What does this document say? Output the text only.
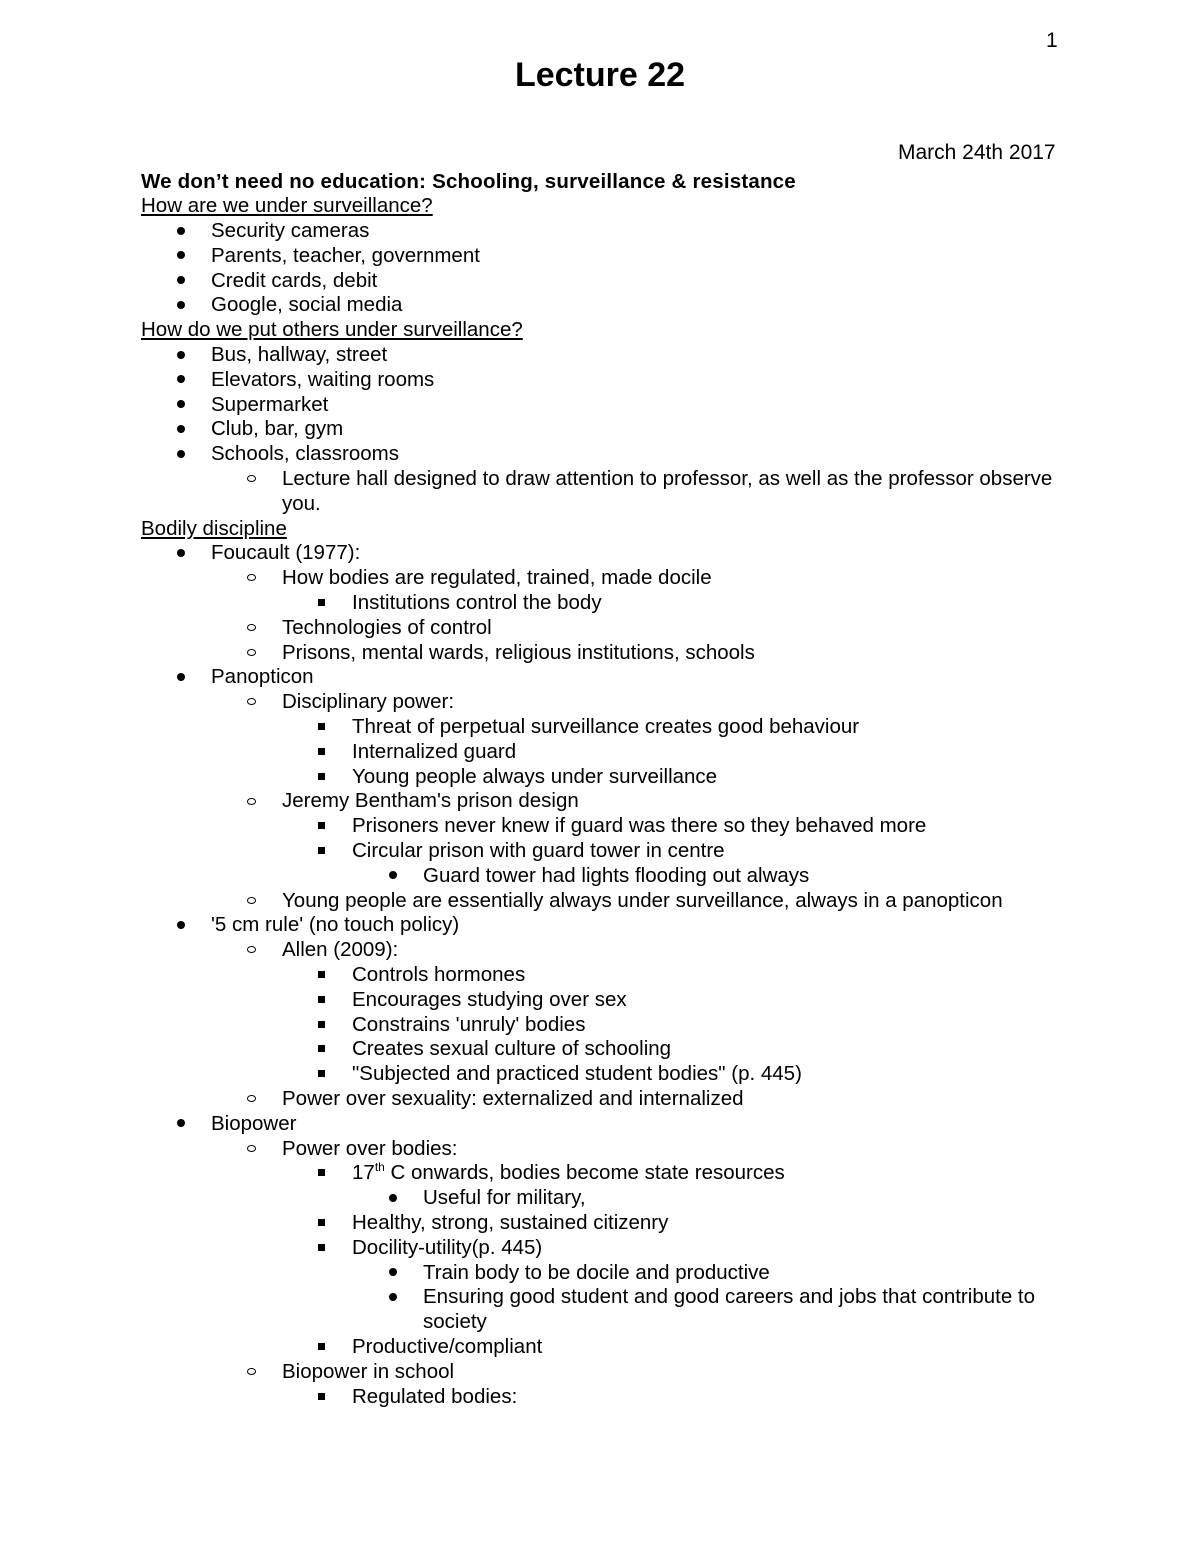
1
Lecture 22
March 24th 2017
We don’t need no education: Schooling, surveillance & resistance
How are we under surveillance?
Security cameras
Parents, teacher, government
Credit cards, debit
Google, social media
How do we put others under surveillance?
Bus, hallway, street
Elevators, waiting rooms
Supermarket
Club, bar, gym
Schools, classrooms
Lecture hall designed to draw attention to professor, as well as the professor observe you.
Bodily discipline
Foucault (1977):
How bodies are regulated, trained, made docile
Institutions control the body
Technologies of control
Prisons, mental wards, religious institutions, schools
Panopticon
Disciplinary power:
Threat of perpetual surveillance creates good behaviour
Internalized guard
Young people always under surveillance
Jeremy Bentham's prison design
Prisoners never knew if guard was there so they behaved more
Circular prison with guard tower in centre
Guard tower had lights flooding out always
Young people are essentially always under surveillance, always in a panopticon
'5 cm rule' (no touch policy)
Allen (2009):
Controls hormones
Encourages studying over sex
Constrains 'unruly' bodies
Creates sexual culture of schooling
"Subjected and practiced student bodies" (p. 445)
Power over sexuality: externalized and internalized
Biopower
Power over bodies:
17th C onwards, bodies become state resources
Useful for military,
Healthy, strong, sustained citizenry
Docility-utility(p. 445)
Train body to be docile and productive
Ensuring good student and good careers and jobs that contribute to society
Productive/compliant
Biopower in school
Regulated bodies:
